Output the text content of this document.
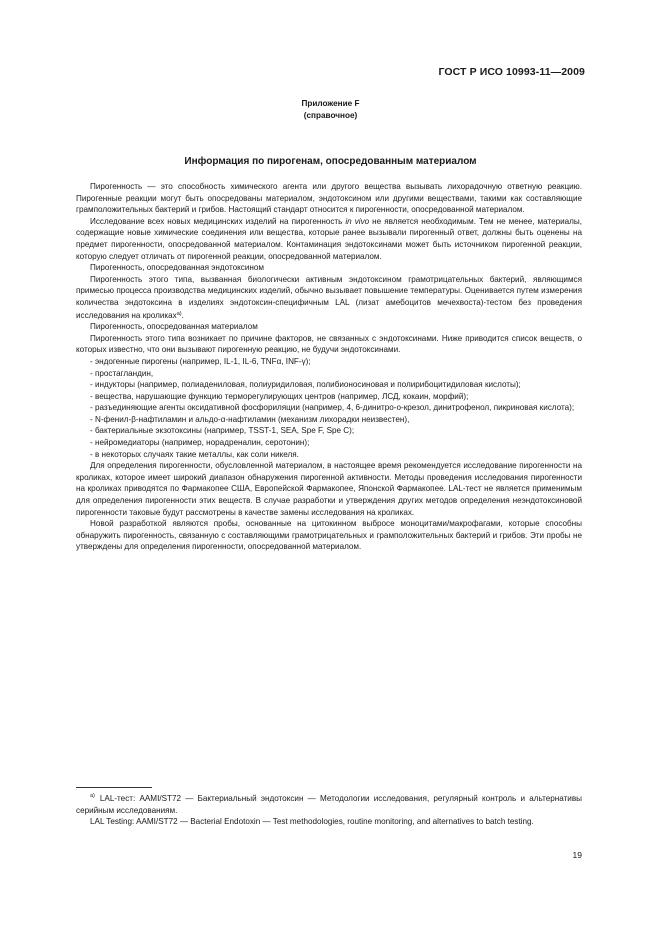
ГОСТ Р ИСО 10993-11—2009
Приложение F
(справочное)
Информация по пирогенам, опосредованным материалом

Пирогенность — это способность химического агента или другого вещества вызывать лихорадочную ответную реакцию. Пирогенные реакции могут быть опосредованы материалом, эндотоксином или другими веществами, такими как составляющие грамположительных бактерий и грибов. Настоящий стандарт относится к пирогенности, опосредованной материалом.

Исследование всех новых медицинских изделий на пирогенность in vivo не является необходимым. Тем не менее, материалы, содержащие новые химические соединения или вещества, которые ранее вызывали пирогенный ответ, должны быть оценены на предмет пирогенности, опосредованной материалом. Контаминация эндотоксинами может быть источником пирогенной реакции, которую следует отличать от пирогенной реакции, опосредованной материалом.

Пирогенность, опосредованная эндотоксином

Пирогенность этого типа, вызванная биологически активным эндотоксином грамотрицательных бактерий, являющимся примесью процесса производства медицинских изделий, обычно вызывает повышение температуры. Оценивается путем измерения количества эндотоксина в изделиях эндотоксин-специфичным LAL (лизат амебоцитов мечехвоста)-тестом без проведения исследования на кроликах$^{а)}$.

Пирогенность, опосредованная материалом

Пирогенность этого типа возникает по причине факторов, не связанных с эндотоксинами. Ниже приводится список веществ, о которых известно, что они вызывают пирогенную реакцию, не будучи эндотоксинами.

- эндогенные пирогены (например, IL-1, IL-6, TNFα, INF-γ);

- простагландин,

- индукторы (например, полиадениловая, полиуридиловая, полибионосиновая и полирибоцитидиловая кислоты);

- вещества, нарушающие функцию терморегулирующих центров (например, ЛСД, кокаин, морфий);

- разъединяющие агенты оксидативной фосфориляции (например, 4, 6-динитро-о-крезол, динитрофенол, пикриновая кислота);

- N-фенил-β-нафтиламин и альдо-α-нафтиламин (механизм лихорадки неизвестен),

- бактериальные экзотоксины (например, TSST-1, SEA, Spe F, Spe C);

- нейромедиаторы (например, норадреналин, серотонин);

- в некоторых случаях такие металлы, как соли никеля.

Для определения пирогенности, обусловленной материалом, в настоящее время рекомендуется исследование пирогенности на кроликах, которое имеет широкий диапазон обнаружения пирогенной активности. Методы проведения исследования пирогенности на кроликах приводятся по Фармакопее США, Европейской Фармакопее, Японской Фармакопее. LAL-тест не является применимым для определения пирогенности этих веществ. В случае разработки и утверждения других методов определения неэндотоксиновой пирогенности таковые будут рассмотрены в качестве замены исследования на кроликах.

Новой разработкой являются пробы, основанные на цитокинном выбросе моноцитами/макрофагами, которые способны обнаружить пирогенность, связанную с составляющими грамотрицательных и грамположительных бактерий и грибов. Эти пробы не утверждены для определения пирогенности, опосредованной материалом.

$^{а)}$ LAL-тест: AAMI/ST72 — Бактериальный эндотоксин — Методологии исследования, регулярный контроль и альтернативы серийным исследованиям.

LAL Testing: AAMI/ST72 — Bacterial Endotoxin — Test methodologies, routine monitoring, and alternatives to batch testing.

19
